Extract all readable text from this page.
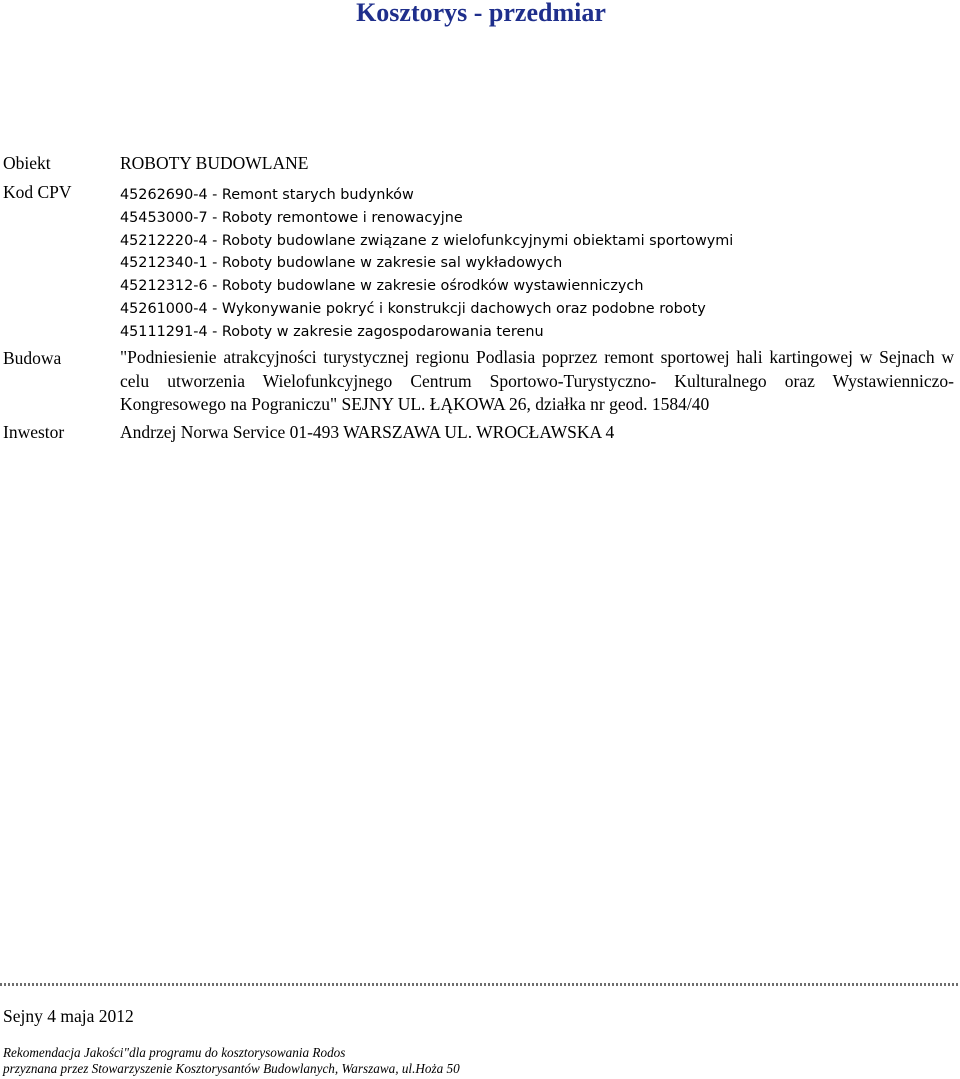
Kosztorys - przedmiar
Obiekt	ROBOTY BUDOWLANE
Kod CPV	45262690-4 - Remont starych budynków
45453000-7 - Roboty remontowe i renowacyjne
45212220-4 - Roboty budowlane związane z wielofunkcyjnymi obiektami sportowymi
45212340-1 - Roboty budowlane w zakresie sal wykładowych
45212312-6 - Roboty budowlane w zakresie ośrodków wystawienniczych
45261000-4 - Wykonywanie pokryć i konstrukcji dachowych oraz podobne roboty
45111291-4 - Roboty w zakresie zagospodarowania terenu
Budowa	"Podniesienie atrakcyjności turystycznej regionu Podlasia poprzez remont sportowej hali kartingowej w Sejnach w celu utworzenia Wielofunkcyjnego Centrum Sportowo-Turystyczno- Kulturalnego oraz Wystawienniczo- Kongresowego na Pograniczu" SEJNY UL. ŁĄKOWA 26, działka nr geod. 1584/40
Inwestor	Andrzej Norwa Service 01-493 WARSZAWA UL. WROCŁAWSKA 4
Sejny 4 maja 2012
Rekomendacja Jakości"dla programu do kosztorysowania Rodos
przyznana przez Stowarzyszenie Kosztorysantów Budowlanych, Warszawa, ul.Hoża 50
